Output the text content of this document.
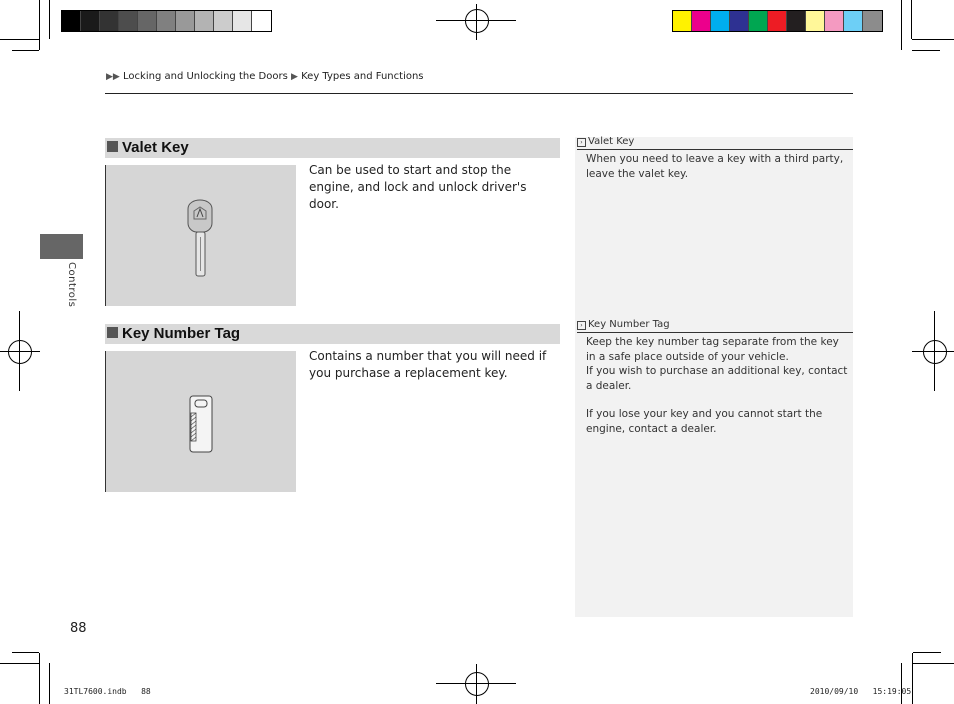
▶▶ Locking and Unlocking the Doors ▶ Key Types and Functions
Controls
Valet Key
Can be used to start and stop the engine, and lock and unlock driver's door.
› Valet Key
When you need to leave a key with a third party, leave the valet key.
Key Number Tag
Contains a number that you will need if you purchase a replacement key.
› Key Number Tag
Keep the key number tag separate from the key in a safe place outside of your vehicle.
If you wish to purchase an additional key, contact a dealer.
If you lose your key and you cannot start the engine, contact a dealer.
88
31TL7600.indb 88	2010/09/10 15:19:05
